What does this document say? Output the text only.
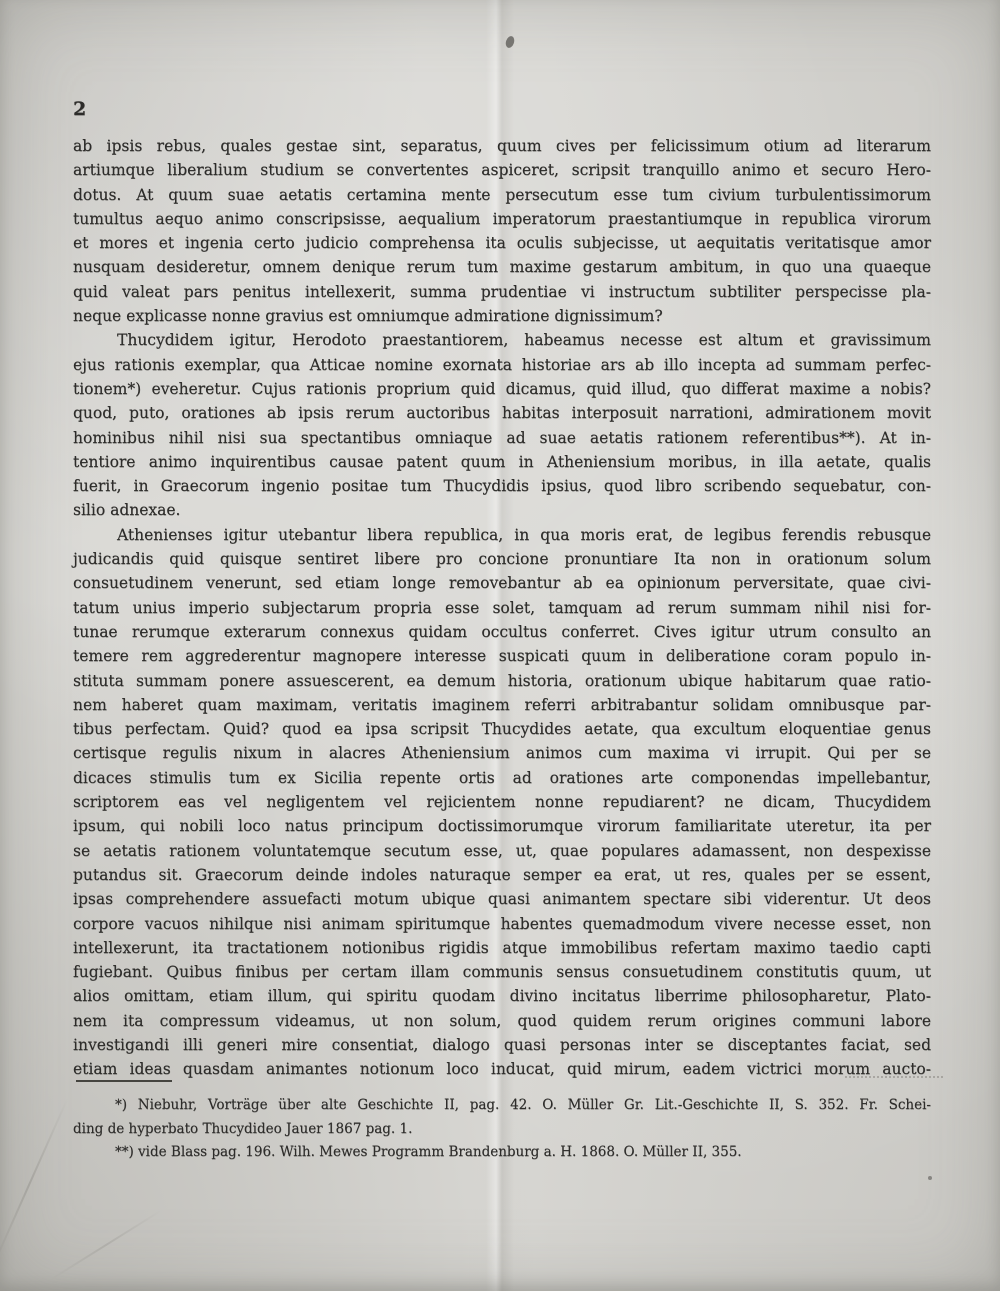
2
ab ipsis rebus, quales gestae sint, separatus, quum cives per felicissimum otium ad literarum
artiumque liberalium studium se convertentes aspiceret, scripsit tranquillo animo et securo Hero-
dotus. At quum suae aetatis certamina mente persecutum esse tum civium turbulentissimorum
tumultus aequo animo conscripsisse, aequalium imperatorum praestantiumque in republica virorum
et mores et ingenia certo judicio comprehensa ita oculis subjecisse, ut aequitatis veritatisque amor
nusquam desideretur, omnem denique rerum tum maxime gestarum ambitum, in quo una quaeque
quid valeat pars penitus intellexerit, summa prudentiae vi instructum subtiliter perspecisse pla-
neque explicasse nonne gravius est omniumque admiratione dignissimum?
Thucydidem igitur, Herodoto praestantiorem, habeamus necesse est altum et gravissimum
ejus rationis exemplar, qua Atticae nomine exornata historiae ars ab illo incepta ad summam perfec-
tionem*) eveheretur. Cujus rationis proprium quid dicamus, quid illud, quo differat maxime a nobis?
quod, puto, orationes ab ipsis rerum auctoribus habitas interposuit narrationi, admirationem movit
hominibus nihil nisi sua spectantibus omniaque ad suae aetatis rationem referentibus**). At in-
tentiore animo inquirentibus causae patent quum in Atheniensium moribus, in illa aetate, qualis
fuerit, in Graecorum ingenio positae tum Thucydidis ipsius, quod libro scribendo sequebatur, con-
silio adnexae.
Athenienses igitur utebantur libera republica, in qua moris erat, de legibus ferendis rebusque
judicandis quid quisque sentiret libere pro concione pronuntiare Ita non in orationum solum
consuetudinem venerunt, sed etiam longe removebantur ab ea opinionum perversitate, quae civi-
tatum unius imperio subjectarum propria esse solet, tamquam ad rerum summam nihil nisi for-
tunae rerumque exterarum connexus quidam occultus conferret. Cives igitur utrum consulto an
temere rem aggrederentur magnopere interesse suspicati quum in deliberatione coram populo in-
stituta summam ponere assuescerent, ea demum historia, orationum ubique habitarum quae ratio-
nem haberet quam maximam, veritatis imaginem referri arbitrabantur solidam omnibusque par-
tibus perfectam. Quid? quod ea ipsa scripsit Thucydides aetate, qua excultum eloquentiae genus
certisque regulis nixum in alacres Atheniensium animos cum maxima vi irrupit. Qui per se
dicaces stimulis tum ex Sicilia repente ortis ad orationes arte componendas impellebantur,
scriptorem eas vel negligentem vel rejicientem nonne repudiarent? ne dicam, Thucydidem
ipsum, qui nobili loco natus principum doctissimorumque virorum familiaritate uteretur, ita per
se aetatis rationem voluntatemque secutum esse, ut, quae populares adamassent, non despexisse
putandus sit. Graecorum deinde indoles naturaque semper ea erat, ut res, quales per se essent,
ipsas comprehendere assuefacti motum ubique quasi animantem spectare sibi viderentur. Ut deos
corpore vacuos nihilque nisi animam spiritumque habentes quemadmodum vivere necesse esset, non
intellexerunt, ita tractationem notionibus rigidis atque immobilibus refertam maximo taedio capti
fugiebant. Quibus finibus per certam illam communis sensus consuetudinem constitutis quum, ut
alios omittam, etiam illum, qui spiritu quodam divino incitatus liberrime philosopharetur, Plato-
nem ita compressum videamus, ut non solum, quod quidem rerum origines communi labore
investigandi illi generi mire consentiat, dialogo quasi personas inter se disceptantes faciat, sed
etiam ideas quasdam animantes notionum loco inducat, quid mirum, eadem victrici morum aucto-
*) Niebuhr, Vorträge über alte Geschichte II, pag. 42. O. Müller Gr. Lit.-Geschichte II, S. 352. Fr. Schei-
ding de hyperbato Thucydideo Jauer 1867 pag. 1.
**) vide Blass pag. 196. Wilh. Mewes Programm Brandenburg a. H. 1868. O. Müller II, 355.
